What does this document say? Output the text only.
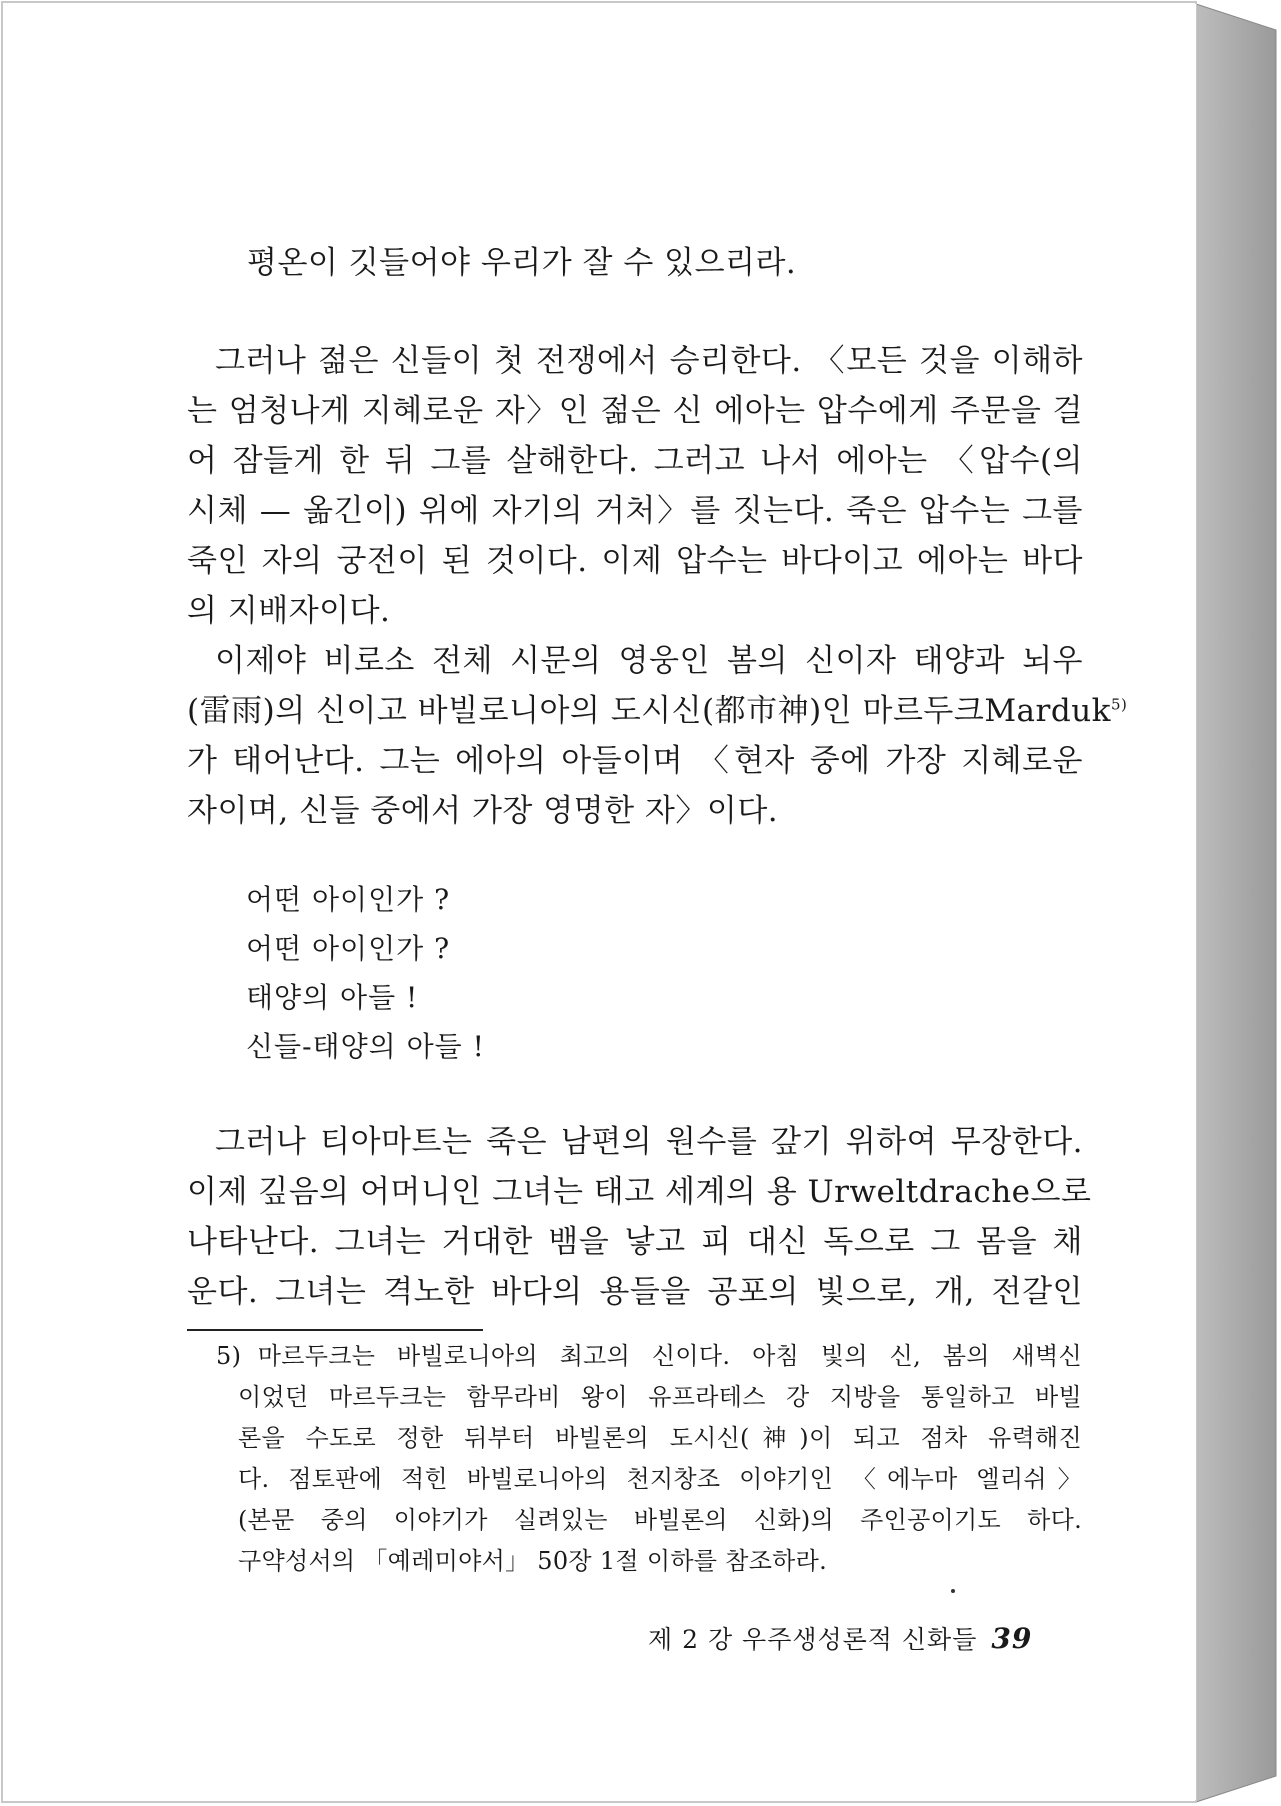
평온이 깃들어야 우리가 잘 수 있으리라.
그러나 젊은 신들이 첫 전쟁에서 승리한다. 〈모든 것을 이해하
는 엄청나게 지혜로운 자〉인 젊은 신 에아는 압수에게 주문을 걸
어 잠들게 한 뒤 그를 살해한다. 그러고 나서 에아는 〈압수(의
시체 — 옮긴이) 위에 자기의 거처〉를 짓는다. 죽은 압수는 그를
죽인 자의 궁전이 된 것이다. 이제 압수는 바다이고 에아는 바다
의 지배자이다.
이제야 비로소 전체 시문의 영웅인 봄의 신이자 태양과 뇌우
(雷雨)의 신이고 바빌로니아의 도시신(都市神)인 마르두크Marduk$^{5)}$
가 태어난다. 그는 에아의 아들이며 〈현자 중에 가장 지혜로운
자이며, 신들 중에서 가장 영명한 자〉이다.
어떤 아이인가 ?
어떤 아이인가 ?
태양의 아들 !
신들-태양의 아들 !
그러나 티아마트는 죽은 남편의 원수를 갚기 위하여 무장한다.
이제 깊음의 어머니인 그녀는 태고 세계의 용 Urweltdrache으로
나타난다. 그녀는 거대한 뱀을 낳고 피 대신 독으로 그 몸을 채
운다. 그녀는 격노한 바다의 용들을 공포의 빛으로, 개, 전갈인
5) 마르두크는 바빌로니아의 최고의 신이다. 아침 빛의 신, 봄의 새벽신
이었던 마르두크는 함무라비 왕이 유프라테스 강 지방을 통일하고 바빌
론을 수도로 정한 뒤부터 바빌론의 도시신(神)이 되고 점차 유력해진
다. 점토판에 적힌 바빌로니아의 천지창조 이야기인 〈에누마 엘리쉬〉
(본문 중의 이야기가 실려있는 바빌론의 신화)의 주인공이기도 하다.
구약성서의 「예레미야서」 50장 1절 이하를 참조하라.
제 2 강 우주생성론적 신화들 39
